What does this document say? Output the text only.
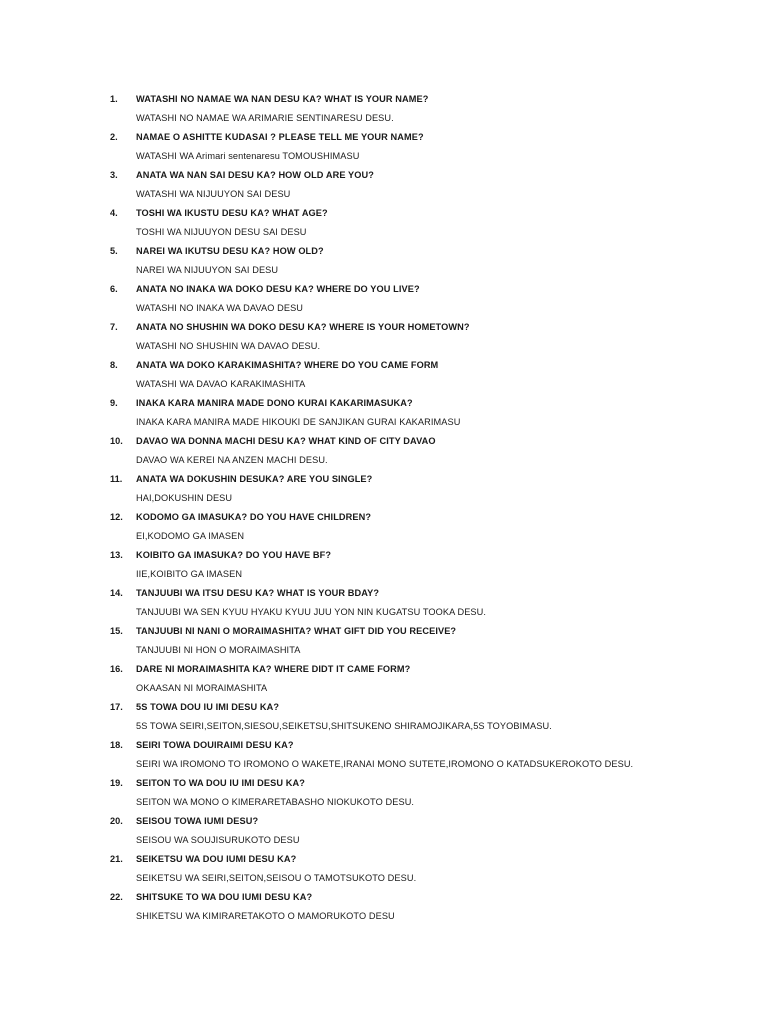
1.	WATASHI NO NAMAE WA NAN DESU KA? WHAT IS YOUR NAME?
WATASHI NO NAMAE WA ARIMARIE SENTINARESU DESU.
2.	NAMAE O ASHITTE KUDASAI ? PLEASE TELL ME YOUR NAME?
WATASHI WA Arimari sentenaresu TOMOUSHIMASU
3.	ANATA WA NAN SAI DESU KA? HOW OLD ARE YOU?
WATASHI WA NIJUUYON SAI DESU
4.	TOSHI WA IKUSTU DESU KA? WHAT AGE?
TOSHI WA NIJUUYON DESU SAI DESU
5.	NAREI WA IKUTSU DESU KA? HOW OLD?
NAREI WA NIJUUYON SAI DESU
6.	ANATA NO INAKA WA DOKO DESU KA? WHERE DO YOU LIVE?
WATASHI NO INAKA WA DAVAO DESU
7.	ANATA NO SHUSHIN WA DOKO DESU KA? WHERE IS YOUR HOMETOWN?
WATASHI NO SHUSHIN WA DAVAO DESU.
8.	ANATA WA DOKO KARAKIMASHITA? WHERE DO YOU CAME FORM
WATASHI WA DAVAO KARAKIMASHITA
9.	INAKA KARA MANIRA MADE DONO KURAI KAKARIMASUKA?
INAKA KARA MANIRA MADE HIKOUKI DE SANJIKAN GURAI KAKARIMASU
10.	DAVAO WA DONNA MACHI DESU KA? WHAT KIND OF CITY DAVAO
DAVAO WA KEREI NA ANZEN MACHI DESU.
11.	ANATA WA DOKUSHIN DESUKA? ARE YOU SINGLE?
HAI,DOKUSHIN DESU
12.	KODOMO GA IMASUKA? DO YOU HAVE CHILDREN?
EI,KODOMO GA IMASEN
13.	KOIBITO GA IMASUKA? DO YOU HAVE BF?
IIE,KOIBITO GA IMASEN
14.	TANJUUBI WA ITSU DESU KA? WHAT IS YOUR BDAY?
TANJUUBI WA SEN KYUU HYAKU KYUU JUU YON NIN KUGATSU TOOKA DESU.
15.	TANJUUBI NI NANI O MORAIMASHITA? WHAT GIFT DID YOU RECEIVE?
TANJUUBI NI HON O MORAIMASHITA
16.	DARE NI MORAIMASHITA KA? WHERE DIDT IT CAME FORM?
OKAASAN NI MORAIMASHITA
17.	5S TOWA DOU IU IMI DESU KA?
5S TOWA SEIRI,SEITON,SIESOU,SEIKETSU,SHITSUKENO SHIRAMOJIKARA,5S TOYOBIMASU.
18.	SEIRI TOWA DOUIRAIMI DESU KA?
SEIRI WA IROMONO TO IROMONO O WAKETE,IRANAI MONO SUTETE,IROMONO O KATADSUKEROKOTO DESU.
19.	SEITON TO WA DOU IU IMI DESU KA?
SEITON WA MONO O KIMERARETABASHO NIOKUKOTO DESU.
20.	SEISOU TOWA IUMI DESU?
SEISOU WA SOUJISURUKOTO DESU
21.	SEIKETSU WA DOU IUMI DESU KA?
SEIKETSU WA SEIRI,SEITON,SEISOU O TAMOTSUKOTO DESU.
22.	SHITSUKE TO WA DOU IUMI DESU KA?
SHIKETSU WA KIMIRARETAKOTO O MAMORUKOTO DESU
